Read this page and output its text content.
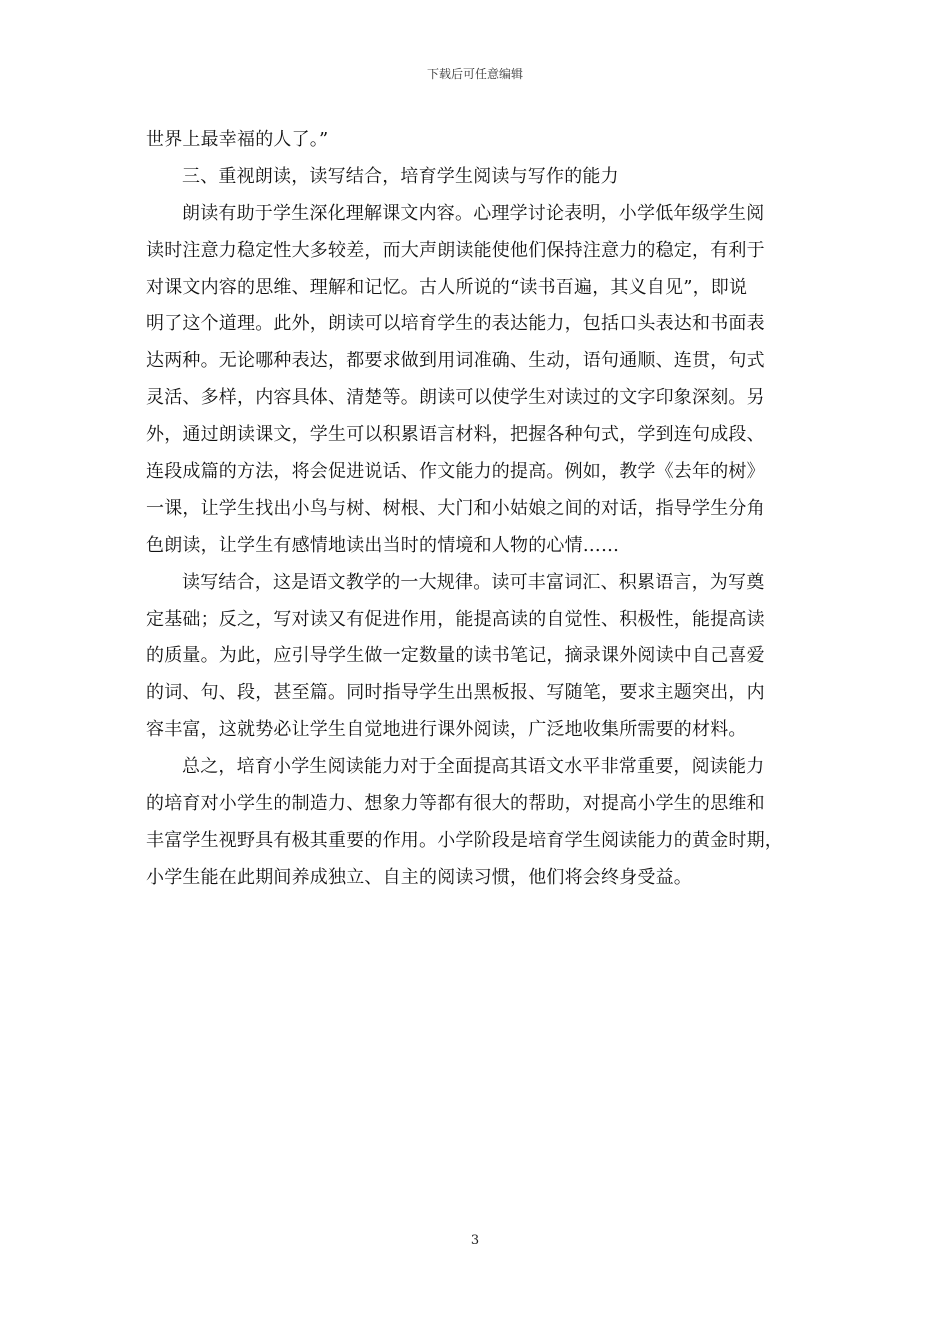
下载后可任意编辑
世界上最幸福的人了。”
三、重视朗读，读写结合，培育学生阅读与写作的能力
朗读有助于学生深化理解课文内容。心理学讨论表明，小学低年级学生阅
读时注意力稳定性大多较差，而大声朗读能使他们保持注意力的稳定，有利于
对课文内容的思维、理解和记忆。古人所说的“读书百遍，其义自见”，即说
明了这个道理。此外，朗读可以培育学生的表达能力，包括口头表达和书面表
达两种。无论哪种表达，都要求做到用词准确、生动，语句通顺、连贯，句式
灵活、多样，内容具体、清楚等。朗读可以使学生对读过的文字印象深刻。另
外，通过朗读课文，学生可以积累语言材料，把握各种句式，学到连句成段、
连段成篇的方法，将会促进说话、作文能力的提高。例如，教学《去年的树》
一课，让学生找出小鸟与树、树根、大门和小姑娘之间的对话，指导学生分角
色朗读，让学生有感情地读出当时的情境和人物的心情……
读写结合，这是语文教学的一大规律。读可丰富词汇、积累语言，为写奠
定基础；反之，写对读又有促进作用，能提高读的自觉性、积极性，能提高读
的质量。为此，应引导学生做一定数量的读书笔记，摘录课外阅读中自己喜爱
的词、句、段，甚至篇。同时指导学生出黑板报、写随笔，要求主题突出，内
容丰富，这就势必让学生自觉地进行课外阅读，广泛地收集所需要的材料。
总之，培育小学生阅读能力对于全面提高其语文水平非常重要，阅读能力
的培育对小学生的制造力、想象力等都有很大的帮助，对提高小学生的思维和
丰富学生视野具有极其重要的作用。小学阶段是培育学生阅读能力的黄金时期，
小学生能在此期间养成独立、自主的阅读习惯，他们将会终身受益。
3
